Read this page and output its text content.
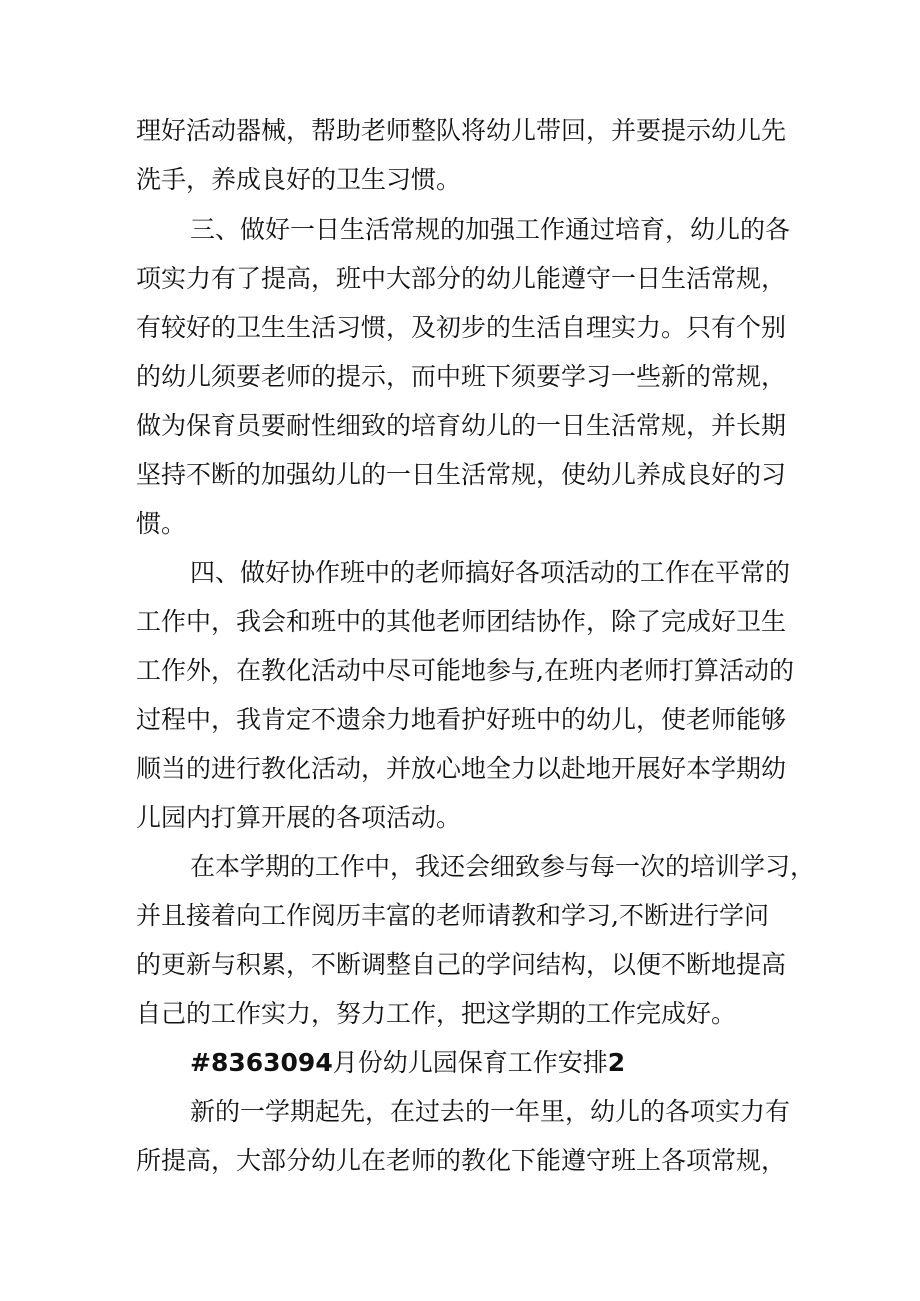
理好活动器械，帮助老师整队将幼儿带回，并要提示幼儿先
洗手，养成良好的卫生习惯。
三、做好一日生活常规的加强工作通过培育，幼儿的各
项实力有了提高，班中大部分的幼儿能遵守一日生活常规，
有较好的卫生生活习惯，及初步的生活自理实力。只有个别
的幼儿须要老师的提示，而中班下须要学习一些新的常规，
做为保育员要耐性细致的培育幼儿的一日生活常规，并长期
坚持不断的加强幼儿的一日生活常规，使幼儿养成良好的习
惯。
四、做好协作班中的老师搞好各项活动的工作在平常的
工作中，我会和班中的其他老师团结协作，除了完成好卫生
工作外，在教化活动中尽可能地参与,在班内老师打算活动的
过程中，我肯定不遗余力地看护好班中的幼儿，使老师能够
顺当的进行教化活动，并放心地全力以赴地开展好本学期幼
儿园内打算开展的各项活动。
在本学期的工作中，我还会细致参与每一次的培训学习，
并且接着向工作阅历丰富的老师请教和学习,不断进行学问
的更新与积累，不断调整自己的学问结构，以便不断地提高
自己的工作实力，努力工作，把这学期的工作完成好。
#8363094月份幼儿园保育工作安排2
新的一学期起先，在过去的一年里，幼儿的各项实力有
所提高，大部分幼儿在老师的教化下能遵守班上各项常规，
